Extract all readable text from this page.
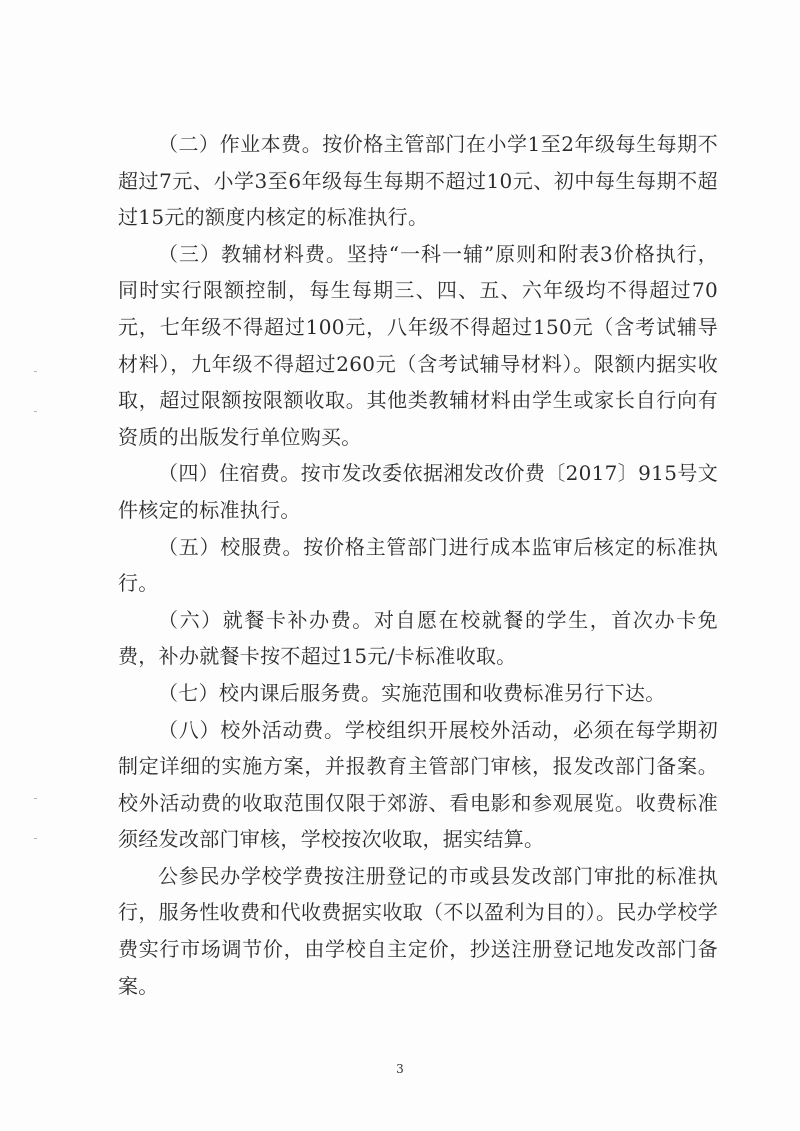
（二）作业本费。按价格主管部门在小学1至2年级每生每期不超过7元、小学3至6年级每生每期不超过10元、初中每生每期不超过15元的额度内核定的标准执行。

（三）教辅材料费。坚持“一科一辅”原则和附表3价格执行，同时实行限额控制，每生每期三、四、五、六年级均不得超过70元，七年级不得超过100元，八年级不得超过150元（含考试辅导材料），九年级不得超过260元（含考试辅导材料）。限额内据实收取，超过限额按限额收取。其他类教辅材料由学生或家长自行向有资质的出版发行单位购买。

（四）住宿费。按市发改委依据湘发改价费〔2017〕915号文件核定的标准执行。

（五）校服费。按价格主管部门进行成本监审后核定的标准执行。

（六）就餐卡补办费。对自愿在校就餐的学生，首次办卡免费，补办就餐卡按不超过15元/卡标准收取。

（七）校内课后服务费。实施范围和收费标准另行下达。

（八）校外活动费。学校组织开展校外活动，必须在每学期初制定详细的实施方案，并报教育主管部门审核，报发改部门备案。校外活动费的收取范围仅限于郊游、看电影和参观展览。收费标准须经发改部门审核，学校按次收取，据实结算。

公参民办学校学费按注册登记的市或县发改部门审批的标准执行，服务性收费和代收费据实收取（不以盈利为目的）。民办学校学费实行市场调节价，由学校自主定价，抄送注册登记地发改部门备案。

3
